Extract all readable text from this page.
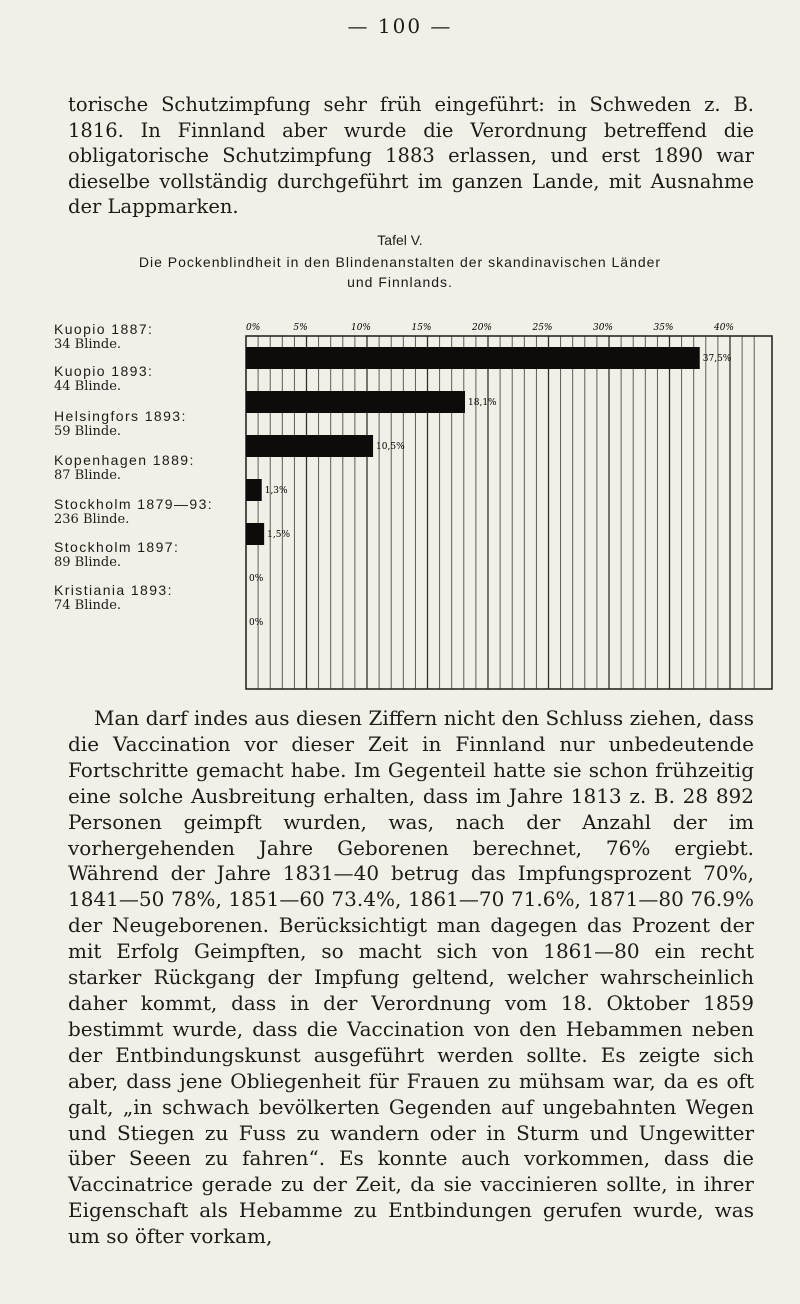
— 100 —

torische Schutzimpfung sehr früh eingeführt: in Schweden z. B. 1816. In Finnland aber wurde die Verordnung betreffend die obligatorische Schutzimpfung 1883 erlassen, und erst 1890 war dieselbe vollständig durchgeführt im ganzen Lande, mit Ausnahme der Lappmarken.

Tafel V.
Die Pockenblindheit in den Blindenanstalten der skandinavischen Länder
und Finnlands.
Kuopio 1887:
34 Blinde.
Kuopio 1893:
44 Blinde.
Helsingfors 1893:
59 Blinde.
Kopenhagen 1889:
87 Blinde.
Stockholm 1879—93:
236 Blinde.
Stockholm 1897:
89 Blinde.
Kristiania 1893:
74 Blinde.
0%	5%	10%	15%	20%	25%	30%	35%	40%
37,5%
18,1%
10,5%
1,3%
1,5%
0%
0%

Man darf indes aus diesen Ziffern nicht den Schluss ziehen, dass die Vaccination vor dieser Zeit in Finnland nur unbedeutende Fortschritte gemacht habe. Im Gegenteil hatte sie schon frühzeitig eine solche Ausbreitung erhalten, dass im Jahre 1813 z. B. 28 892 Personen geimpft wurden, was, nach der Anzahl der im vorhergehenden Jahre Geborenen berechnet, 76% ergiebt. Während der Jahre 1831—40 betrug das Impfungsprozent 70%, 1841—50 78%, 1851—60 73.4%, 1861—70 71.6%, 1871—80 76.9% der Neugeborenen. Berücksichtigt man dagegen das Prozent der mit Erfolg Geimpften, so macht sich von 1861—80 ein recht starker Rückgang der Impfung geltend, welcher wahrscheinlich daher kommt, dass in der Verordnung vom 18. Oktober 1859 bestimmt wurde, dass die Vaccination von den Hebammen neben der Entbindungskunst ausgeführt werden sollte. Es zeigte sich aber, dass jene Obliegenheit für Frauen zu mühsam war, da es oft galt, „in schwach bevölkerten Gegenden auf ungebahnten Wegen und Stiegen zu Fuss zu wandern oder in Sturm und Ungewitter über Seeen zu fahren“. Es konnte auch vorkommen, dass die Vaccinatrice gerade zu der Zeit, da sie vaccinieren sollte, in ihrer Eigenschaft als Hebamme zu Entbindungen gerufen wurde, was um so öfter vorkam,
